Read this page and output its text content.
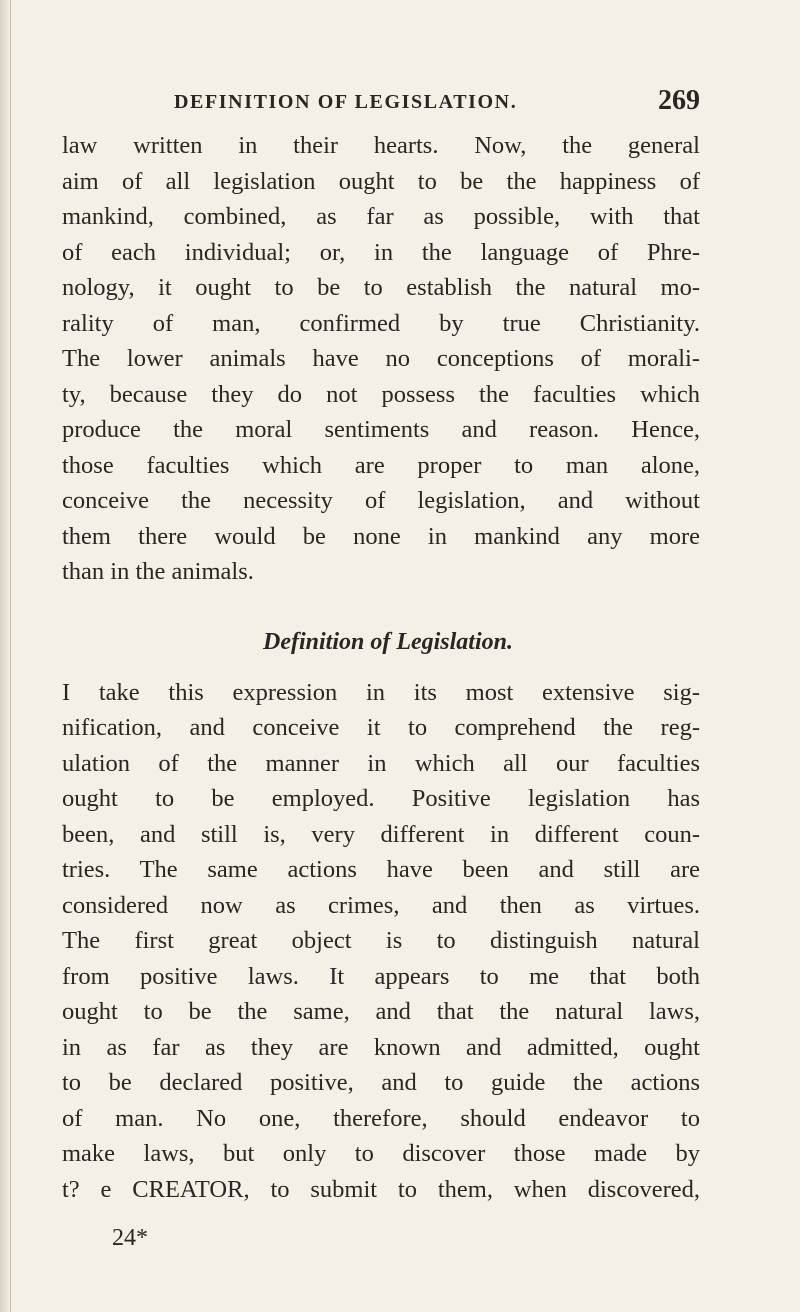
DEFINITION OF LEGISLATION.	269
law written in their hearts. Now, the general
aim of all legislation ought to be the happiness of
mankind, combined, as far as possible, with that
of each individual; or, in the language of Phre-
nology, it ought to be to establish the natural mo-
rality of man, confirmed by true Christianity.
The lower animals have no conceptions of morali-
ty, because they do not possess the faculties which
produce the moral sentiments and reason. Hence,
those faculties which are proper to man alone,
conceive the necessity of legislation, and without
them there would be none in mankind any more
than in the animals.
Definition of Legislation.
I take this expression in its most extensive sig-
nification, and conceive it to comprehend the reg-
ulation of the manner in which all our faculties
ought to be employed. Positive legislation has
been, and still is, very different in different coun-
tries. The same actions have been and still are
considered now as crimes, and then as virtues.
The first great object is to distinguish natural
from positive laws. It appears to me that both
ought to be the same, and that the natural laws,
in as far as they are known and admitted, ought
to be declared positive, and to guide the actions
of man. No one, therefore, should endeavor to
make laws, but only to discover those made by
t? e CREATOR, to submit to them, when discovered,
24*
